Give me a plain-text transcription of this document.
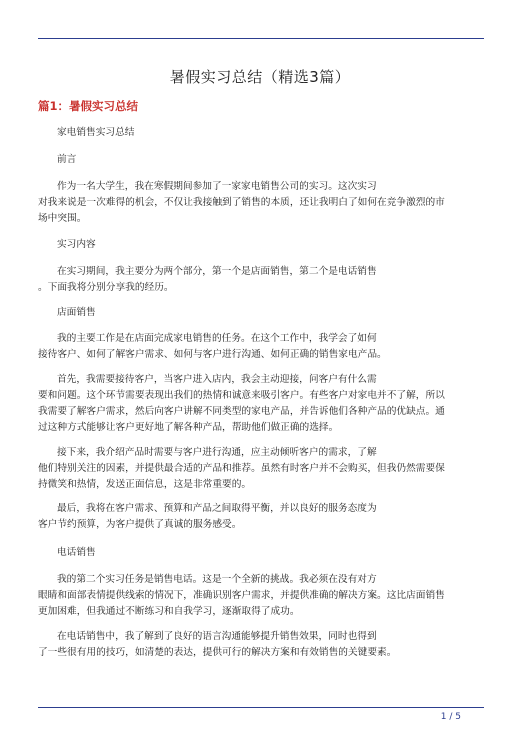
暑假实习总结（精选3篇）
篇1：暑假实习总结
家电销售实习总结
前言
作为一名大学生，我在寒假期间参加了一家家电销售公司的实习。这次实习
对我来说是一次难得的机会，不仅让我接触到了销售的本质，还让我明白了如何在竞争激烈的市
场中突围。
实习内容
在实习期间，我主要分为两个部分，第一个是店面销售，第二个是电话销售
。下面我将分别分享我的经历。
店面销售
我的主要工作是在店面完成家电销售的任务。在这个工作中，我学会了如何
接待客户、如何了解客户需求、如何与客户进行沟通、如何正确的销售家电产品。
首先，我需要接待客户，当客户进入店内，我会主动迎接，问客户有什么需
要和问题。这个环节需要表现出我们的热情和诚意来吸引客户。有些客户对家电并不了解，所以
我需要了解客户需求，然后向客户讲解不同类型的家电产品，并告诉他们各种产品的优缺点。通
过这种方式能够让客户更好地了解各种产品，帮助他们做正确的选择。
接下来，我介绍产品时需要与客户进行沟通，应主动倾听客户的需求，了解
他们特别关注的因素，并提供最合适的产品和推荐。虽然有时客户并不会购买，但我仍然需要保
持微笑和热情，发送正面信息，这是非常重要的。
最后，我将在客户需求、预算和产品之间取得平衡，并以良好的服务态度为
客户节约预算，为客户提供了真诚的服务感受。
电话销售
我的第二个实习任务是销售电话。这是一个全新的挑战。我必须在没有对方
眼睛和面部表情提供线索的情况下，准确识别客户需求，并提供准确的解决方案。这比店面销售
更加困难，但我通过不断练习和自我学习，逐渐取得了成功。
在电话销售中，我了解到了良好的语言沟通能够提升销售效果，同时也得到
了一些很有用的技巧，如清楚的表达，提供可行的解决方案和有效销售的关键要素。
1 / 5
